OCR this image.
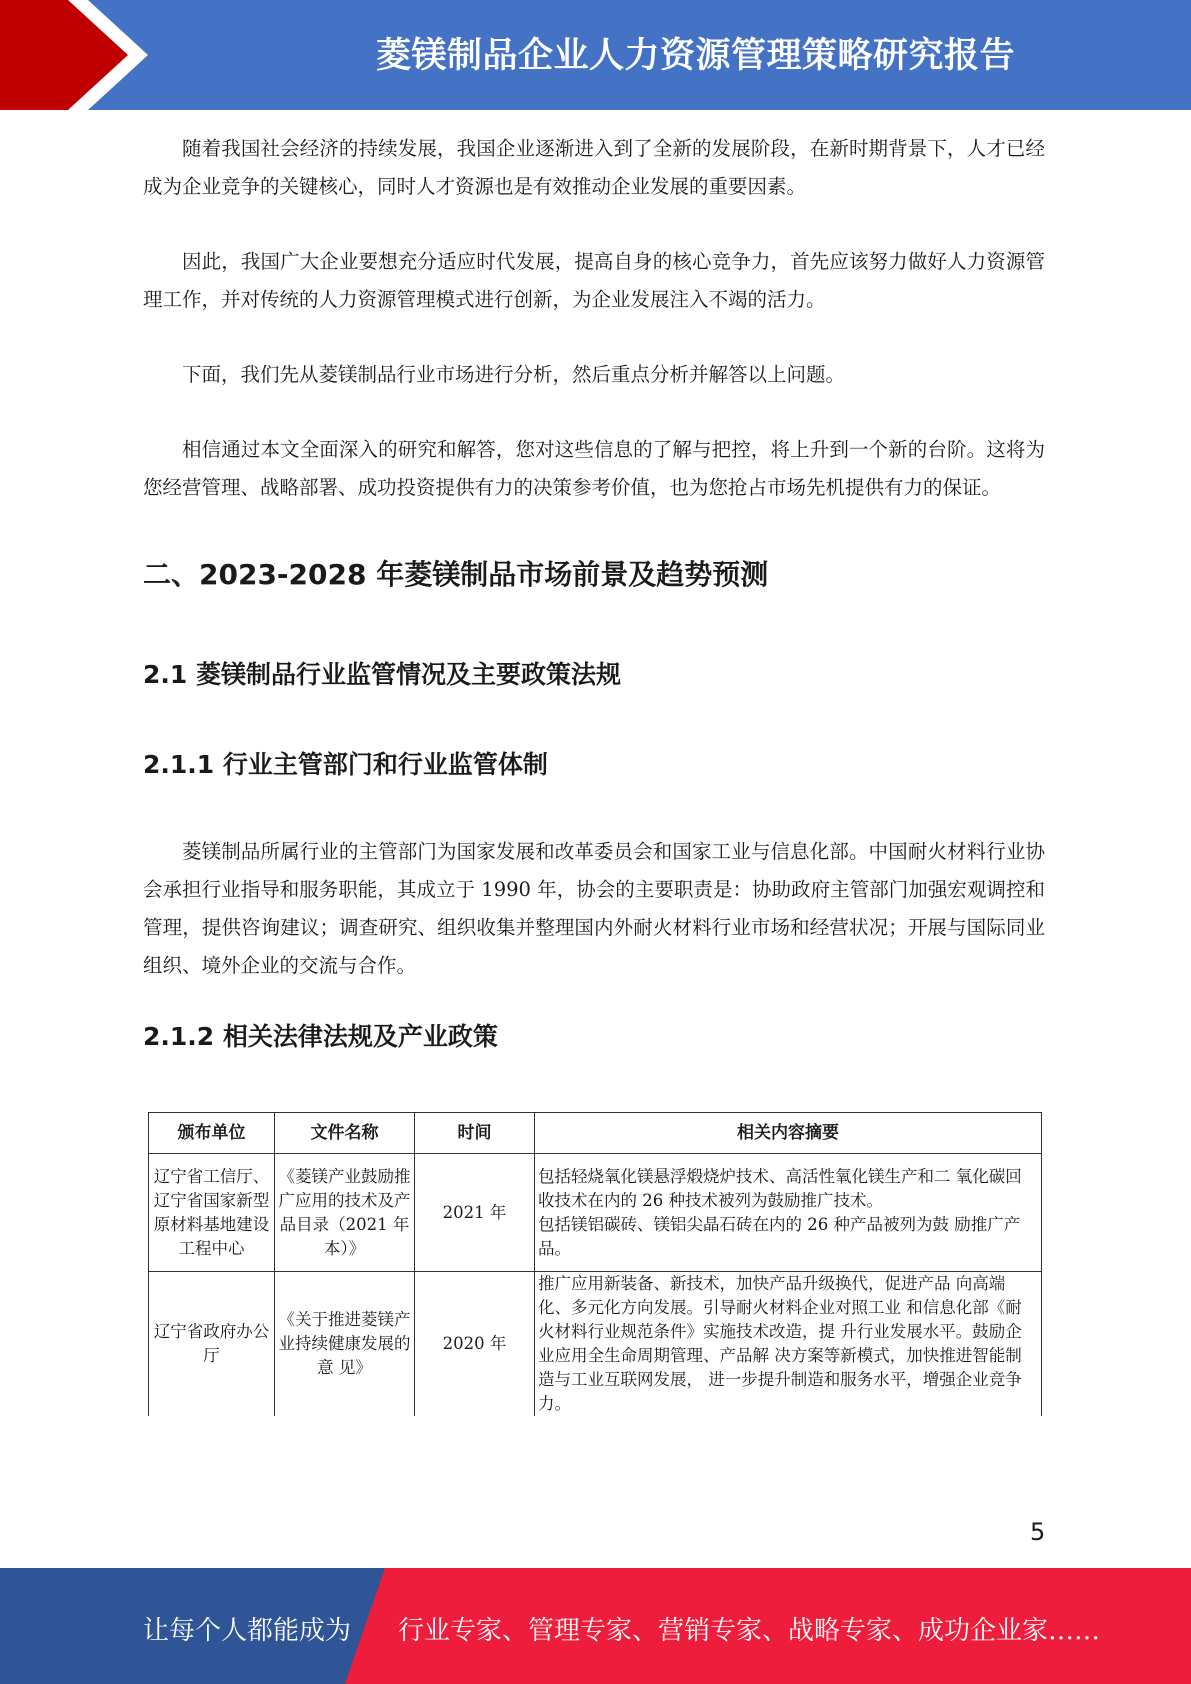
菱镁制品企业人力资源管理策略研究报告

随着我国社会经济的持续发展，我国企业逐渐进入到了全新的发展阶段，在新时期背景下，人才已经成为企业竞争的关键核心，同时人才资源也是有效推动企业发展的重要因素。

因此，我国广大企业要想充分适应时代发展，提高自身的核心竞争力，首先应该努力做好人力资源管理工作，并对传统的人力资源管理模式进行创新，为企业发展注入不竭的活力。

下面，我们先从菱镁制品行业市场进行分析，然后重点分析并解答以上问题。

相信通过本文全面深入的研究和解答，您对这些信息的了解与把控，将上升到一个新的台阶。这将为您经营管理、战略部署、成功投资提供有力的决策参考价值，也为您抢占市场先机提供有力的保证。

二、2023-2028 年菱镁制品市场前景及趋势预测
2.1 菱镁制品行业监管情况及主要政策法规
2.1.1 行业主管部门和行业监管体制

菱镁制品所属行业的主管部门为国家发展和改革委员会和国家工业与信息化部。中国耐火材料行业协会承担行业指导和服务职能，其成立于 1990 年，协会的主要职责是：协助政府主管部门加强宏观调控和管理，提供咨询建议；调查研究、组织收集并整理国内外耐火材料行业市场和经营状况；开展与国际同业组织、境外企业的交流与合作。

2.1.2 相关法律法规及产业政策
颁布单位	文件名称	时间	相关内容摘要
辽宁省工信厅、辽宁省国家新型原材料基地建设工程中心	《菱镁产业鼓励推广应用的技术及产品目录（2021 年本）》	2021 年	包括轻烧氧化镁悬浮煅烧炉技术、高活性氧化镁生产和二 氧化碳回收技术在内的 26 种技术被列为鼓励推广技术。
包括镁铝碳砖、镁铝尖晶石砖在内的 26 种产品被列为鼓 励推广产品。

辽宁省政府办公厅	《关于推进菱镁产业持续健康发展的意 见》	2020 年	推广应用新装备、新技术，加快产品升级换代，促进产品 向高端化、多元化方向发展。引导耐火材料企业对照工业 和信息化部《耐火材料行业规范条件》实施技术改造，提 升行业发展水平。鼓励企业应用全生命周期管理、产品解 决方案等新模式，加快推进智能制造与工业互联网发展， 进一步提升制造和服务水平，增强企业竞争力。
5
让每个人都能成为 行业专家、管理专家、营销专家、战略专家、成功企业家……
